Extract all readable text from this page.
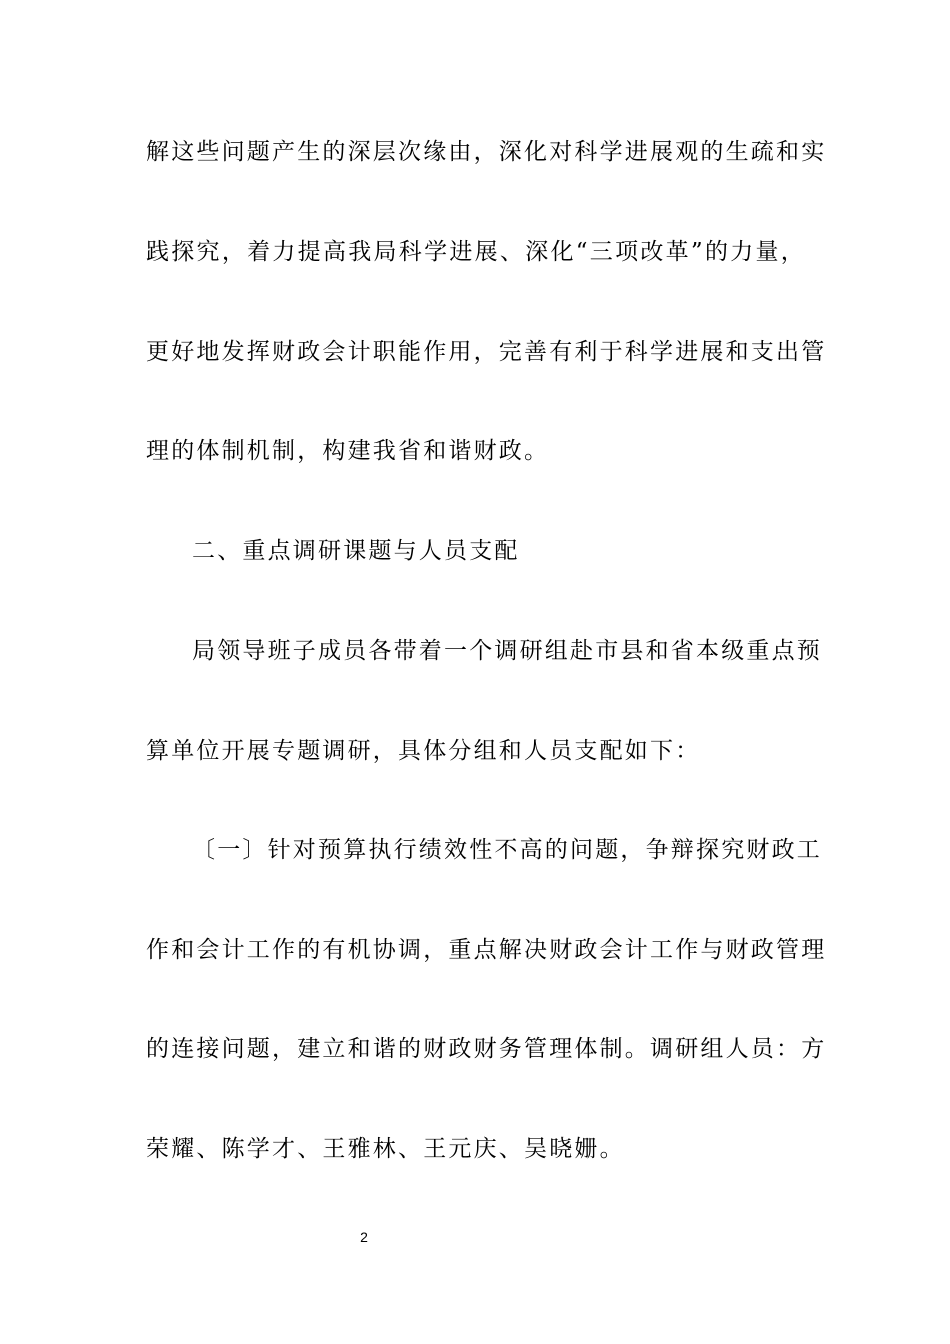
解这些问题产生的深层次缘由，深化对科学进展观的生疏和实
践探究，着力提高我局科学进展、深化“三项改革”的力量，
更好地发挥财政会计职能作用，完善有利于科学进展和支出管
理的体制机制，构建我省和谐财政。
二、重点调研课题与人员支配
局领导班子成员各带着一个调研组赴市县和省本级重点预
算单位开展专题调研，具体分组和人员支配如下：
〔一〕针对预算执行绩效性不高的问题，争辩探究财政工
作和会计工作的有机协调，重点解决财政会计工作与财政管理
的连接问题，建立和谐的财政财务管理体制。调研组人员：方
荣耀、陈学才、王雅林、王元庆、吴晓姗。
2
